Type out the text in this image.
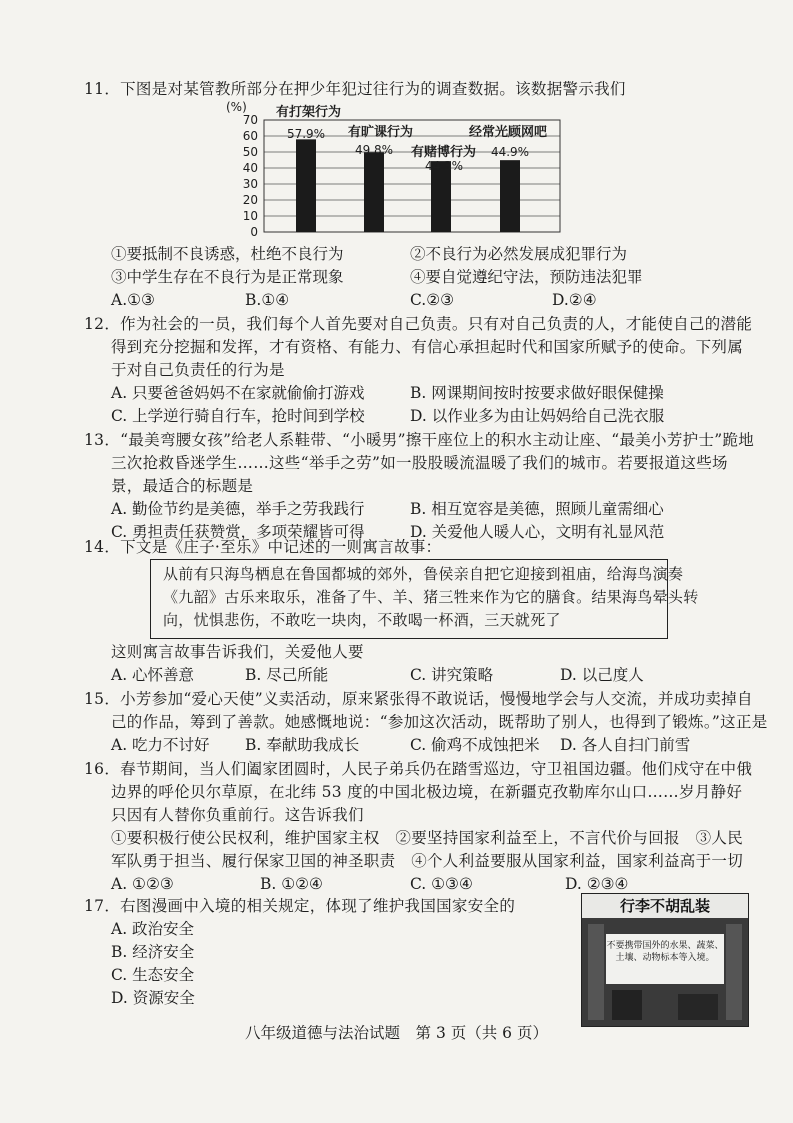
11．下图是对某管教所部分在押少年犯过往行为的调查数据。该数据警示我们
(%)
70
60
50
40
30
20
10
0
有打架行为
57.9% 有旷课行为
49.8% 有赌博行为
44.3%
经常光顾网吧
44.9%
①要抵制不良诱惑，杜绝不良行为	②不良行为必然发展成犯罪行为
③中学生存在不良行为是正常现象	④要自觉遵纪守法，预防违法犯罪
A.①③	B.①④	C.②③	D.②④
12．作为社会的一员，我们每个人首先要对自己负责。只有对自己负责的人，才能使自己的潜能
得到充分挖掘和发挥，才有资格、有能力、有信心承担起时代和国家所赋予的使命。下列属
于对自己负责任的行为是
A. 只要爸爸妈妈不在家就偷偷打游戏	B. 网课期间按时按要求做好眼保健操
C. 上学逆行骑自行车，抢时间到学校	D. 以作业多为由让妈妈给自己洗衣服
13．“最美弯腰女孩”给老人系鞋带、“小暖男”擦干座位上的积水主动让座、“最美小芳护士”跪地
三次抢救昏迷学生……这些“举手之劳”如一股股暖流温暖了我们的城市。若要报道这些场
景，最适合的标题是
A. 勤俭节约是美德，举手之劳我践行	B. 相互宽容是美德，照顾儿童需细心
C. 勇担责任获赞赏，多项荣耀皆可得	D. 关爱他人暖人心，文明有礼显风范
14．下文是《庄子·至乐》中记述的一则寓言故事：
从前有只海鸟栖息在鲁国都城的郊外，鲁侯亲自把它迎接到祖庙，给海鸟演奏
《九韶》古乐来取乐，准备了牛、羊、猪三牲来作为它的膳食。结果海鸟晕头转
向，忧惧悲伤，不敢吃一块肉，不敢喝一杯酒，三天就死了
这则寓言故事告诉我们，关爱他人要
A. 心怀善意	B. 尽己所能	C. 讲究策略	D. 以己度人
15．小芳参加“爱心天使”义卖活动，原来紧张得不敢说话，慢慢地学会与人交流，并成功卖掉自
己的作品，筹到了善款。她感慨地说：“参加这次活动，既帮助了别人，也得到了锻炼。”这正是
A. 吃力不讨好 B. 奉献助我成长	C. 偷鸡不成蚀把米 D. 各人自扫门前雪
16．春节期间，当人们阖家团圆时，人民子弟兵仍在踏雪巡边，守卫祖国边疆。他们戍守在中俄
边界的呼伦贝尔草原，在北纬 53 度的中国北极边境，在新疆克孜勒库尔山口……岁月静好
只因有人替你负重前行。这告诉我们
①要积极行使公民权利，维护国家主权　②要坚持国家利益至上，不言代价与回报　③人民
军队勇于担当、履行保家卫国的神圣职责　④个人利益要服从国家利益，国家利益高于一切
A. ①②③	B. ①②④	C. ①③④	D. ②③④
17．右图漫画中入境的相关规定，体现了维护我国国家安全的
A. 政治安全
B. 经济安全
C. 生态安全
D. 资源安全
行李不胡乱装
不要携带国外的水果、蔬菜、土壤、动物标本等入境。
八年级道德与法治试题　第 3 页（共 6 页）
